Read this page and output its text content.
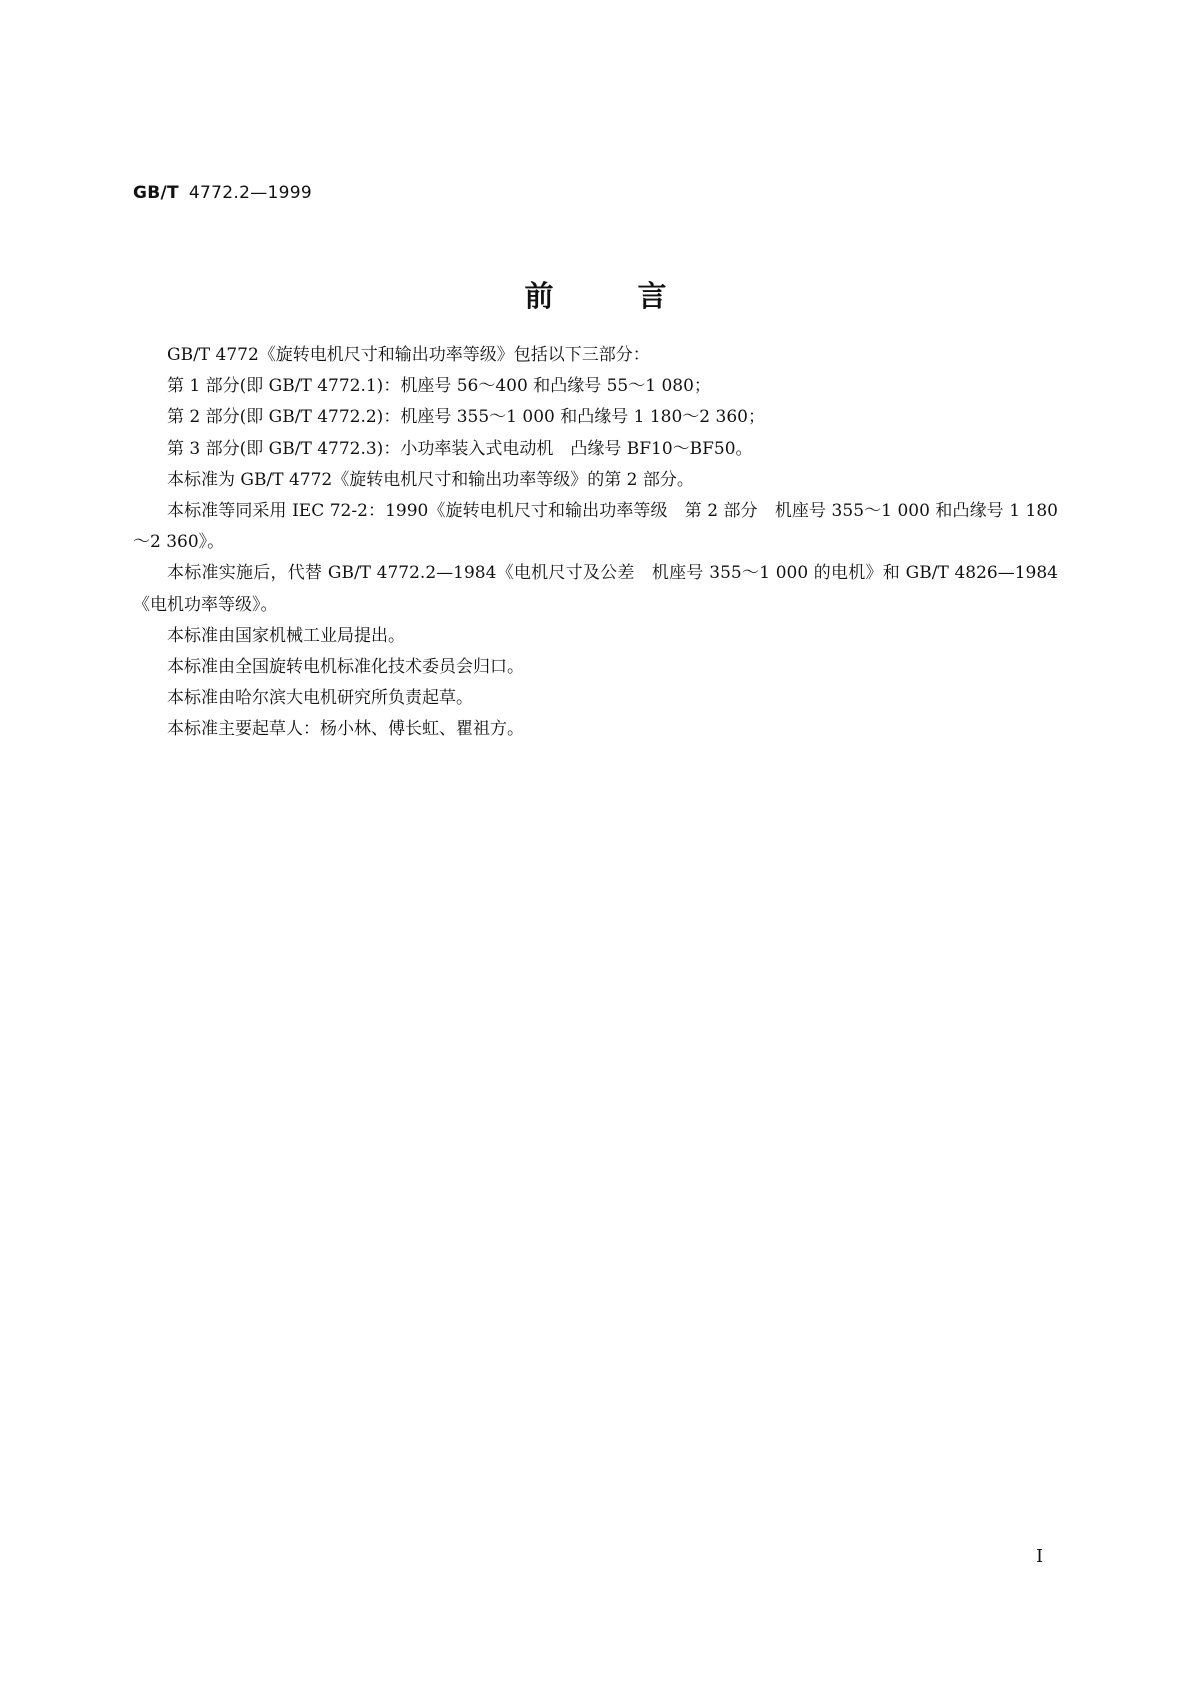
GB/T 4772.2—1999
前言

GB/T 4772《旋转电机尺寸和输出功率等级》包括以下三部分：

第 1 部分(即 GB/T 4772.1)：机座号 56～400 和凸缘号 55～1 080；

第 2 部分(即 GB/T 4772.2)：机座号 355～1 000 和凸缘号 1 180～2 360；

第 3 部分(即 GB/T 4772.3)：小功率装入式电动机　凸缘号 BF10～BF50。

本标准为 GB/T 4772《旋转电机尺寸和输出功率等级》的第 2 部分。

本标准等同采用 IEC 72-2：1990《旋转电机尺寸和输出功率等级　第 2 部分　机座号 355～1 000 和凸缘号 1 180～2 360》。

本标准实施后，代替 GB/T 4772.2—1984《电机尺寸及公差　机座号 355～1 000 的电机》和 GB/T 4826—1984《电机功率等级》。

本标准由国家机械工业局提出。

本标准由全国旋转电机标准化技术委员会归口。

本标准由哈尔滨大电机研究所负责起草。

本标准主要起草人：杨小林、傅长虹、瞿祖方。

I
